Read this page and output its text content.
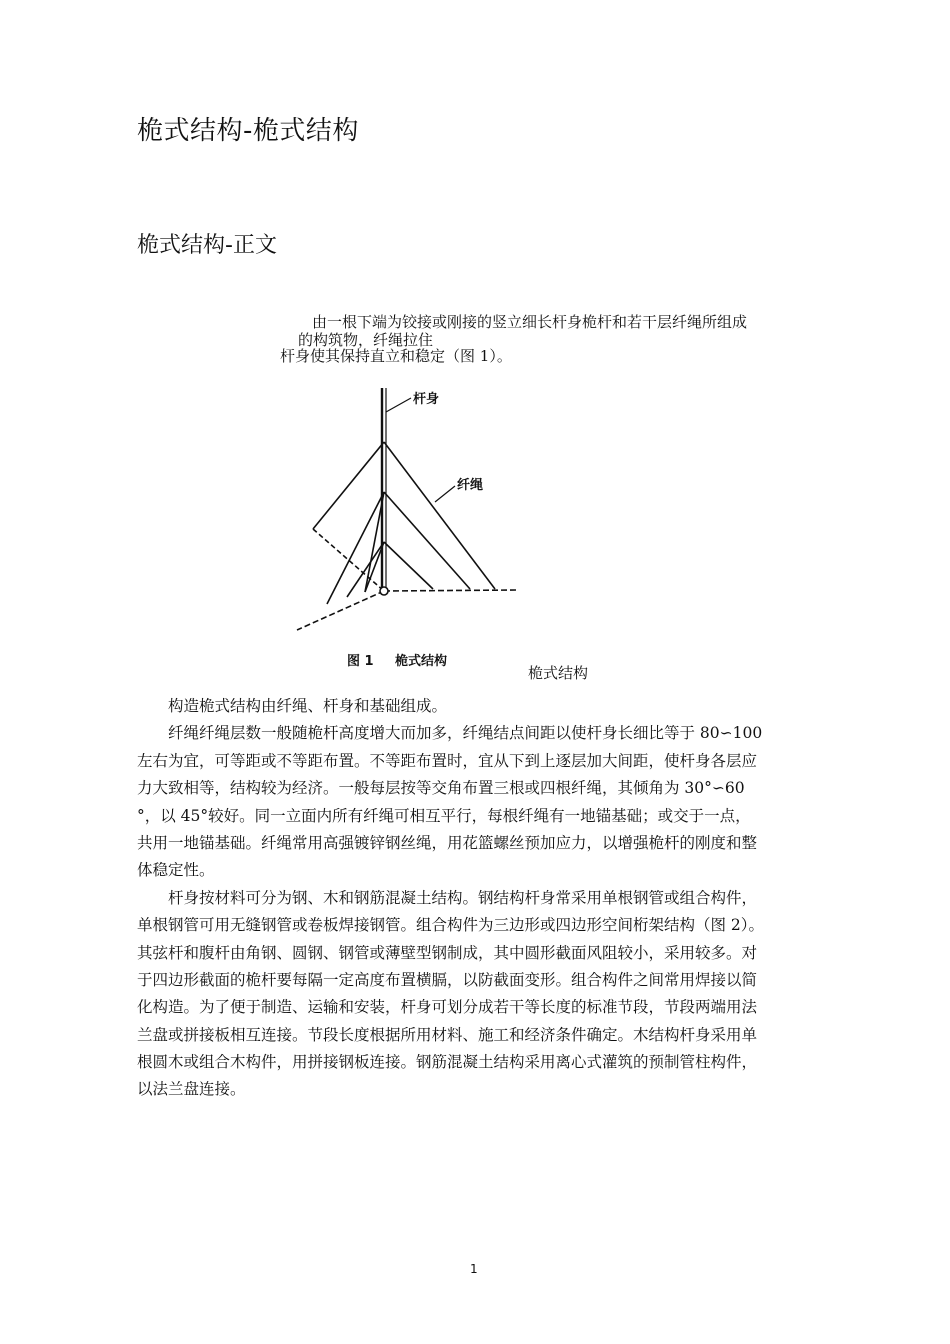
桅式结构-桅式结构
桅式结构-正文
由一根下端为铰接或刚接的竖立细长杆身桅杆和若干层纤绳所组成
的构筑物，纤绳拉住
杆身使其保持直立和稳定（图 1）。
杆身
纤绳
图 1 桅式结构
桅式结构
构造桅式结构由纤绳、杆身和基础组成。
纤绳纤绳层数一般随桅杆高度增大而加多，纤绳结点间距以使杆身长细比等于 80∽100
左右为宜，可等距或不等距布置。不等距布置时，宜从下到上逐层加大间距，使杆身各层应
力大致相等，结构较为经济。一般每层按等交角布置三根或四根纤绳，其倾角为 30°∽60
°，以 45°较好。同一立面内所有纤绳可相互平行，每根纤绳有一地锚基础；或交于一点，
共用一地锚基础。纤绳常用高强镀锌钢丝绳，用花篮螺丝预加应力，以增强桅杆的刚度和整
体稳定性。
杆身按材料可分为钢、木和钢筋混凝土结构。钢结构杆身常采用单根钢管或组合构件，
单根钢管可用无缝钢管或卷板焊接钢管。组合构件为三边形或四边形空间桁架结构（图 2）。
其弦杆和腹杆由角钢、圆钢、钢管或薄壁型钢制成，其中圆形截面风阻较小，采用较多。对
于四边形截面的桅杆要每隔一定高度布置横膈，以防截面变形。组合构件之间常用焊接以简
化构造。为了便于制造、运输和安装，杆身可划分成若干等长度的标准节段，节段两端用法
兰盘或拼接板相互连接。节段长度根据所用材料、施工和经济条件确定。木结构杆身采用单
根圆木或组合木构件，用拼接钢板连接。钢筋混凝土结构采用离心式灌筑的预制管柱构件，
以法兰盘连接。
1
